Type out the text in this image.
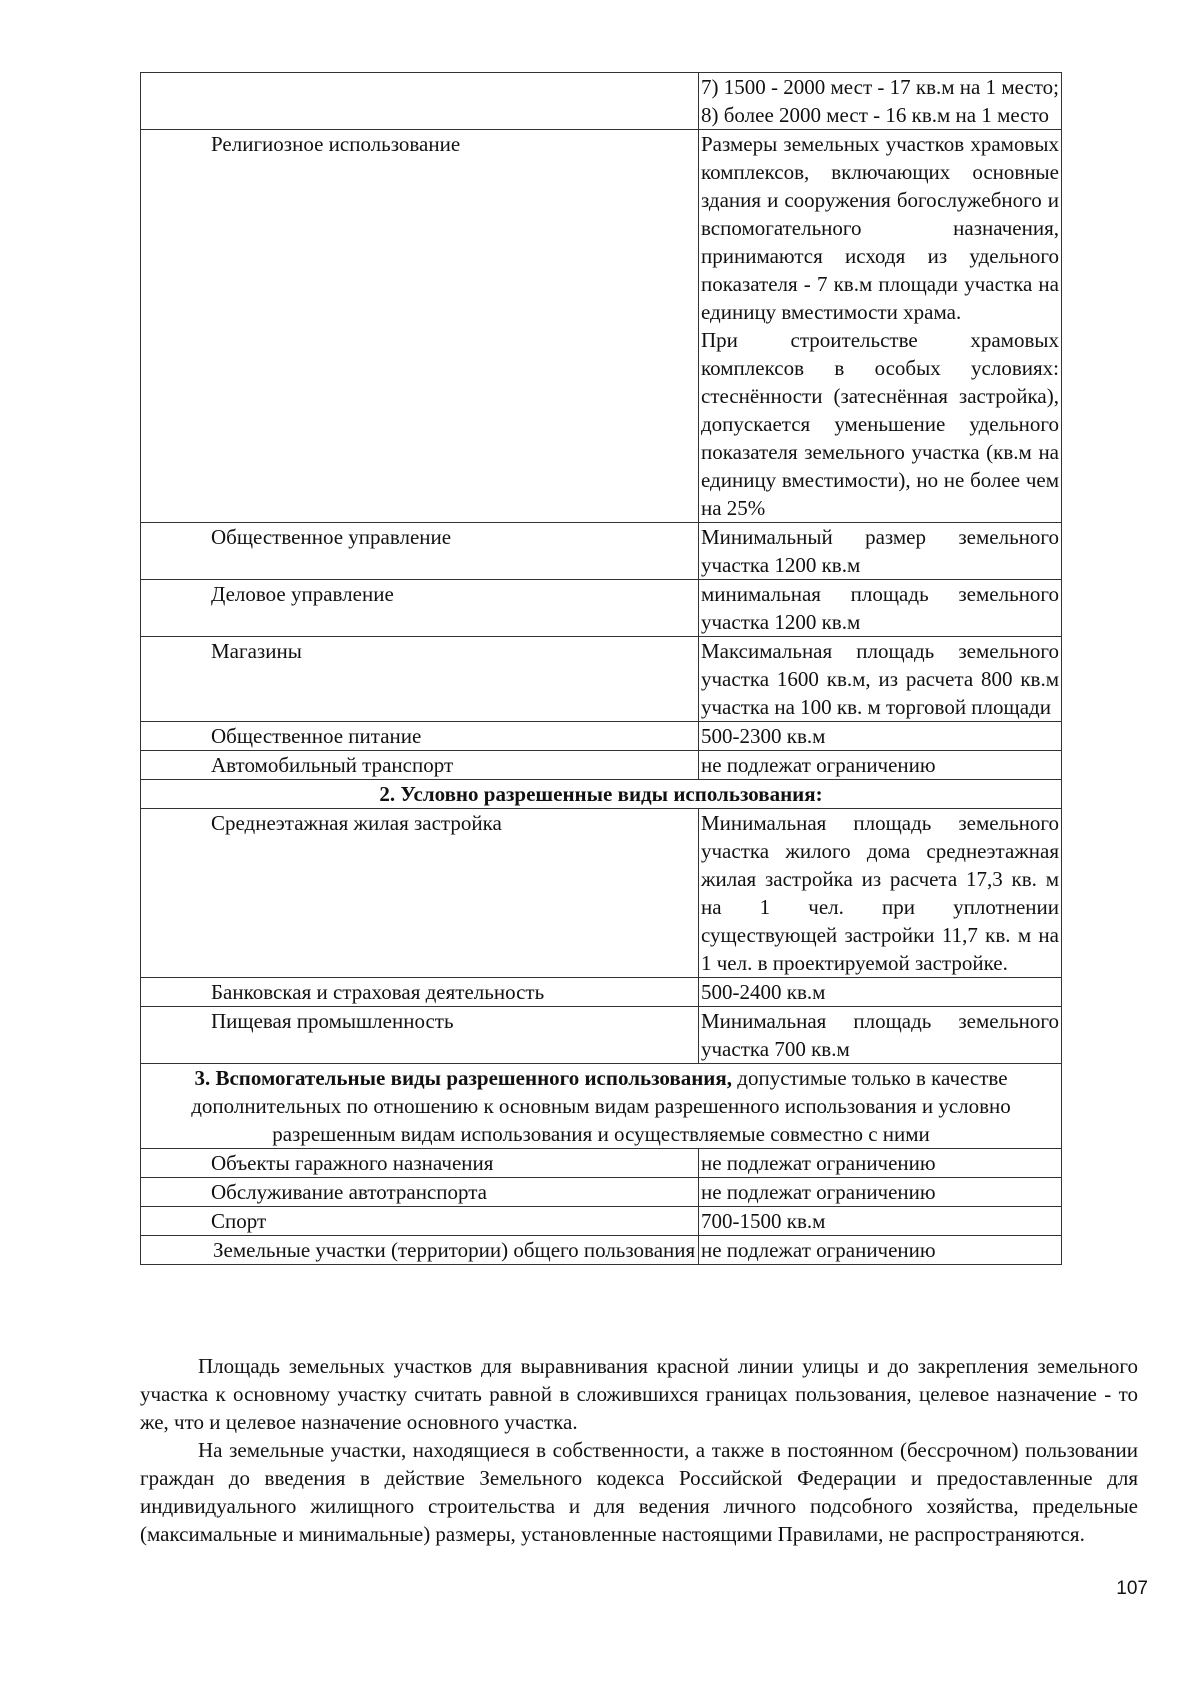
	7) 1500 - 2000 мест - 17 кв.м на 1 место;
8) более 2000 мест - 16 кв.м на 1 место

Религиозное использование	Размеры земельных участков храмовых комплексов, включающих основные здания и сооружения богослужебного и вспомогательного назначения, принимаются исходя из удельного показателя - 7 кв.м площади участка на единицу вместимости храма.
При строительстве храмовых комплексов в особых условиях: стеснённости (затеснённая застройка), допускается уменьшение удельного показателя земельного участка (кв.м на единицу вместимости), но не более чем на 25%

Общественное управление	Минимальный размер земельного участка 1200 кв.м
Деловое управление	минимальная площадь земельного участка 1200 кв.м
Магазины	Максимальная площадь земельного участка 1600 кв.м, из расчета 800 кв.м участка на 100 кв. м торговой площади
Общественное питание	500-2300 кв.м
Автомобильный транспорт	не подлежат ограничению
2. Условно разрешенные виды использования:	
Среднеэтажная жилая застройка	Минимальная площадь земельного участка жилого дома среднеэтажная жилая застройка из расчета 17,3 кв. м на 1 чел. при уплотнении существующей застройки 11,7 кв. м на 1 чел. в проектируемой застройке.
Банковская и страховая деятельность	500-2400 кв.м
Пищевая промышленность	Минимальная площадь земельного участка 700 кв.м
3. Вспомогательные виды разрешенного использования, допустимые только в качестве дополнительных по отношению к основным видам разрешенного использования и условно разрешенным видам использования и осуществляемые совместно с ними	
Объекты гаражного назначения	не подлежат ограничению
Обслуживание автотранспорта	не подлежат ограничению
Спорт	700-1500 кв.м
Земельные участки (территории) общего пользования	не подлежат ограничению

Площадь земельных участков для выравнивания красной линии улицы и до закрепления земельного участка к основному участку считать равной в сложившихся границах пользования, целевое назначение - то же, что и целевое назначение основного участка.

На земельные участки, находящиеся в собственности, а также в постоянном (бессрочном) пользовании граждан до введения в действие Земельного кодекса Российской Федерации и предоставленные для индивидуального жилищного строительства и для ведения личного подсобного хозяйства, предельные (максимальные и минимальные) размеры, установленные настоящими Правилами, не распространяются.

107
